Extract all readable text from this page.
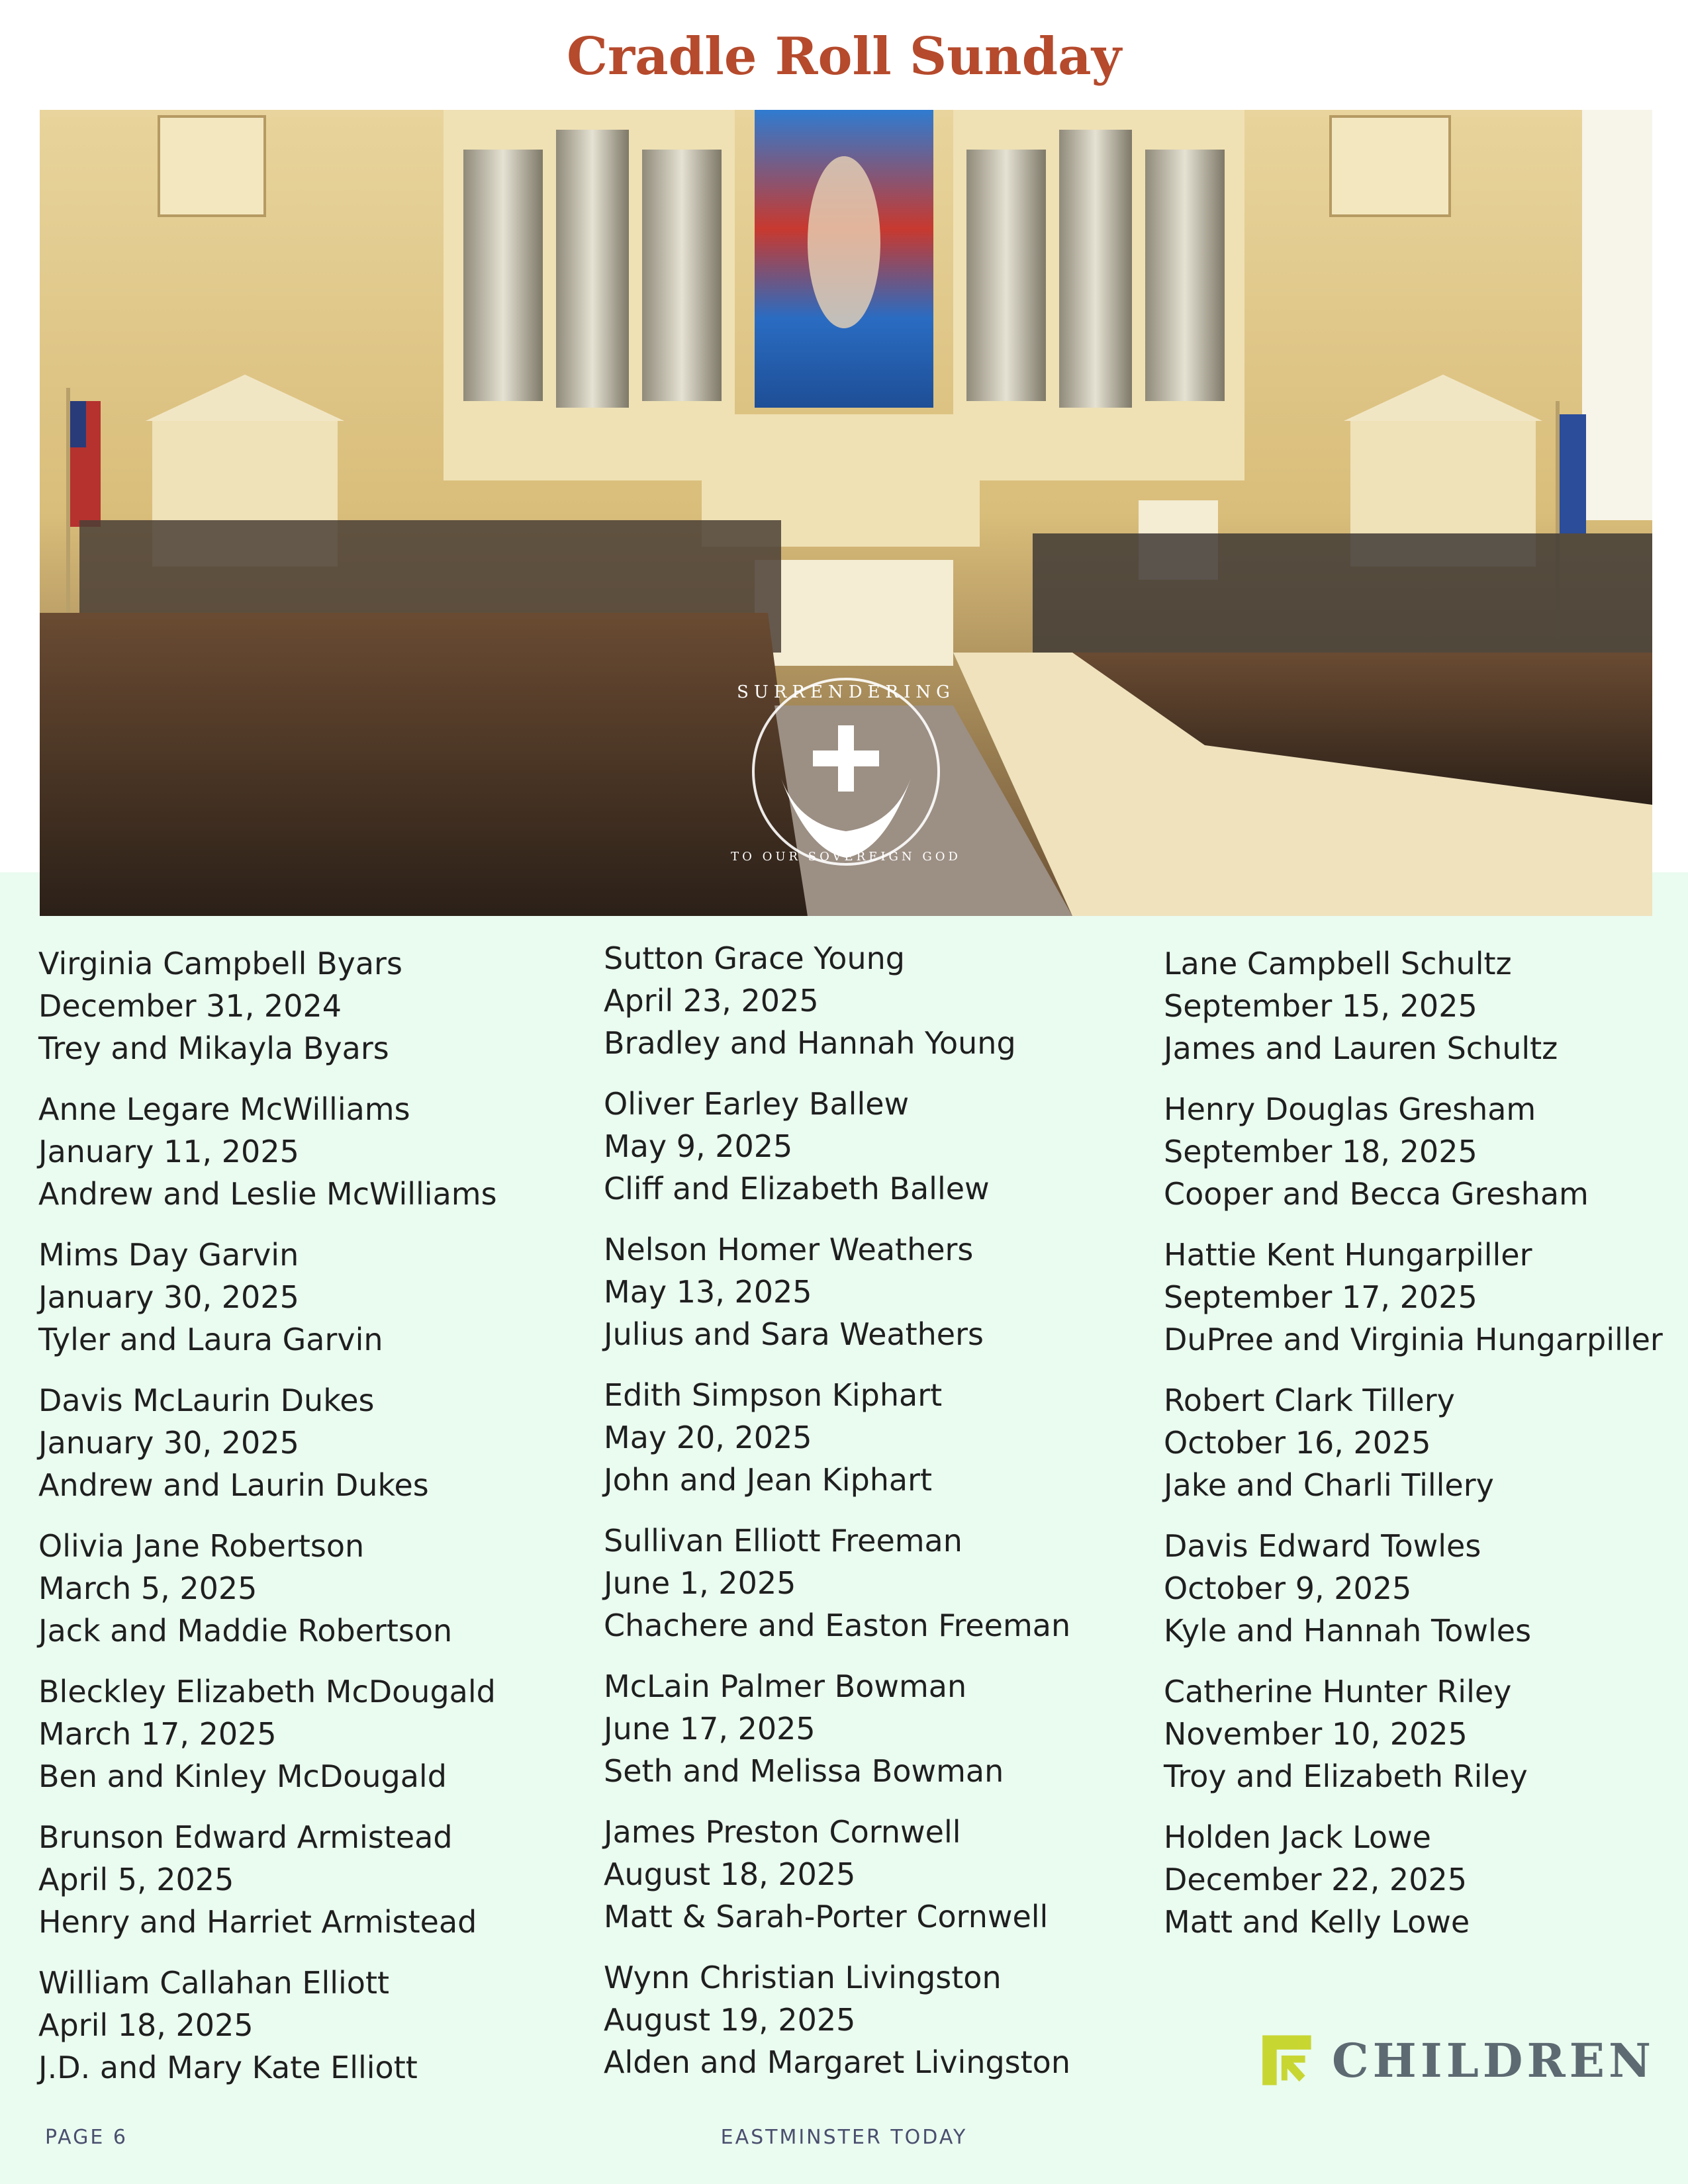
Cradle Roll Sunday
SURRENDERING
TO OUR SOVEREIGN GOD
Virginia Campbell Byars
December 31, 2024
Trey and Mikayla Byars
Anne Legare McWilliams
January 11, 2025
Andrew and Leslie McWilliams
Mims Day Garvin
January 30, 2025
Tyler and Laura Garvin
Davis McLaurin Dukes
January 30, 2025
Andrew and Laurin Dukes
Olivia Jane Robertson
March 5, 2025
Jack and Maddie Robertson
Bleckley Elizabeth McDougald
March 17, 2025
Ben and Kinley McDougald
Brunson Edward Armistead
April 5, 2025
Henry and Harriet Armistead
William Callahan Elliott
April 18, 2025
J.D. and Mary Kate Elliott
Sutton Grace Young
April 23, 2025
Bradley and Hannah Young
Oliver Earley Ballew
May 9, 2025
Cliff and Elizabeth Ballew
Nelson Homer Weathers
May 13, 2025
Julius and Sara Weathers
Edith Simpson Kiphart
May 20, 2025
John and Jean Kiphart
Sullivan Elliott Freeman
June 1, 2025
Chachere and Easton Freeman
McLain Palmer Bowman
June 17, 2025
Seth and Melissa Bowman
James Preston Cornwell
August 18, 2025
Matt & Sarah-Porter Cornwell
Wynn Christian Livingston
August 19, 2025
Alden and Margaret Livingston
Lane Campbell Schultz
September 15, 2025
James and Lauren Schultz
Henry Douglas Gresham
September 18, 2025
Cooper and Becca Gresham
Hattie Kent Hungarpiller
September 17, 2025
DuPree and Virginia Hungarpiller
Robert Clark Tillery
October 16, 2025
Jake and Charli Tillery
Davis Edward Towles
October 9, 2025
Kyle and Hannah Towles
Catherine Hunter Riley
November 10, 2025
Troy and Elizabeth Riley
Holden Jack Lowe
December 22, 2025
Matt and Kelly Lowe
CHILDREN
PAGE 6	EASTMINSTER TODAY
